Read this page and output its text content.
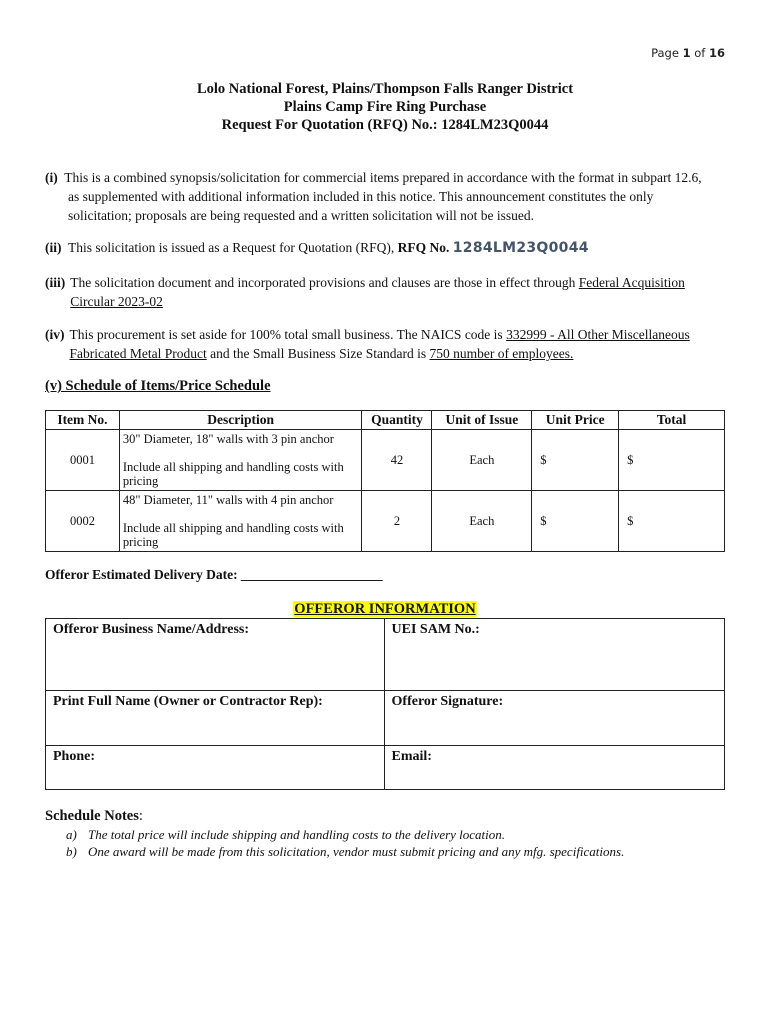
Page 1 of 16
Lolo National Forest, Plains/Thompson Falls Ranger District
Plains Camp Fire Ring Purchase
Request For Quotation (RFQ) No.: 1284LM23Q0044
(i) This is a combined synopsis/solicitation for commercial items prepared in accordance with the format in subpart 12.6,
as supplemented with additional information included in this notice. This announcement constitutes the only
solicitation; proposals are being requested and a written solicitation will not be issued.
(ii) This solicitation is issued as a Request for Quotation (RFQ), RFQ No. 1284LM23Q0044
(iii) The solicitation document and incorporated provisions and clauses are those in effect through Federal Acquisition Circular 2023-02
(iv) This procurement is set aside for 100% total small business. The NAICS code is 332999 - All Other Miscellaneous Fabricated Metal Product and the Small Business Size Standard is 750 number of employees.
(v) Schedule of Items/Price Schedule
Item No.	Description	Quantity	Unit of Issue	Unit Price	Total
0001	30" Diameter, 18" walls with 3 pin anchor
Include all shipping and handling costs with pricing	42	Each	$	$
0002	48" Diameter, 11" walls with 4 pin anchor
Include all shipping and handling costs with pricing	2	Each	$	$
Offeror Estimated Delivery Date: _____________________
OFFEROR INFORMATION
Offeror Business Name/Address:	UEI SAM No.:
Print Full Name (Owner or Contractor Rep):	Offeror Signature:
Phone:	Email:
Schedule Notes:
a) The total price will include shipping and handling costs to the delivery location.
b) One award will be made from this solicitation, vendor must submit pricing and any mfg. specifications.
